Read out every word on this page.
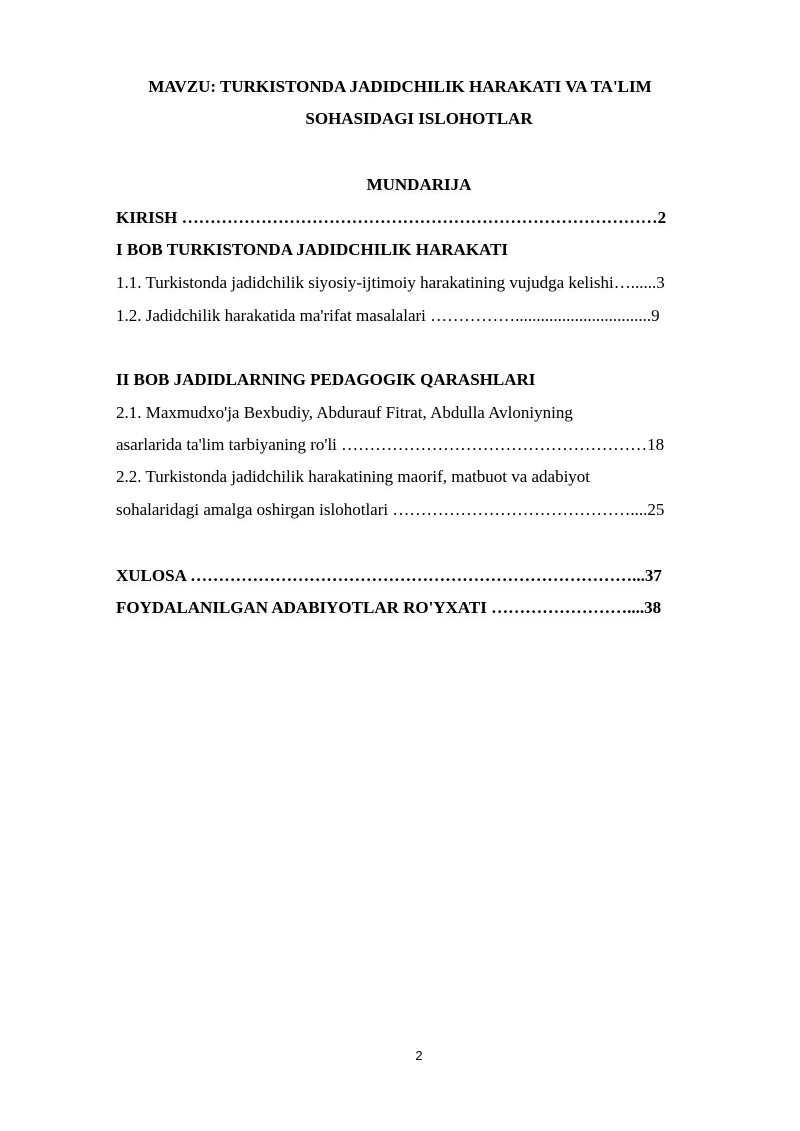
MAVZU: TURKISTONDA JADIDCHILIK HARAKATI VA TA'LIM
SOHASIDAGI ISLOHOTLAR
MUNDARIJA
KIRISH …………………………………………………………………………2
I BOB TURKISTONDA JADIDCHILIK HARAKATI
1.1. Turkistonda jadidchilik siyosiy-ijtimoiy harakatining vujudga kelishi…......3
1.2. Jadidchilik harakatida ma'rifat masalalari ……………................................9
II BOB JADIDLARNING PEDAGOGIK QARASHLARI
2.1. Maxmudxo'ja Bexbudiy, Abdurauf Fitrat, Abdulla Avloniyning
asarlarida ta'lim tarbiyaning ro'li ………………………………………………18
2.2. Turkistonda jadidchilik harakatining maorif, matbuot va adabiyot
sohalaridagi amalga oshirgan islohotlari ……………………………………....25
XULOSA ……………………………………………………………………...37
FOYDALANILGAN ADABIYOTLAR RO'YXATI ……………………....38
2
